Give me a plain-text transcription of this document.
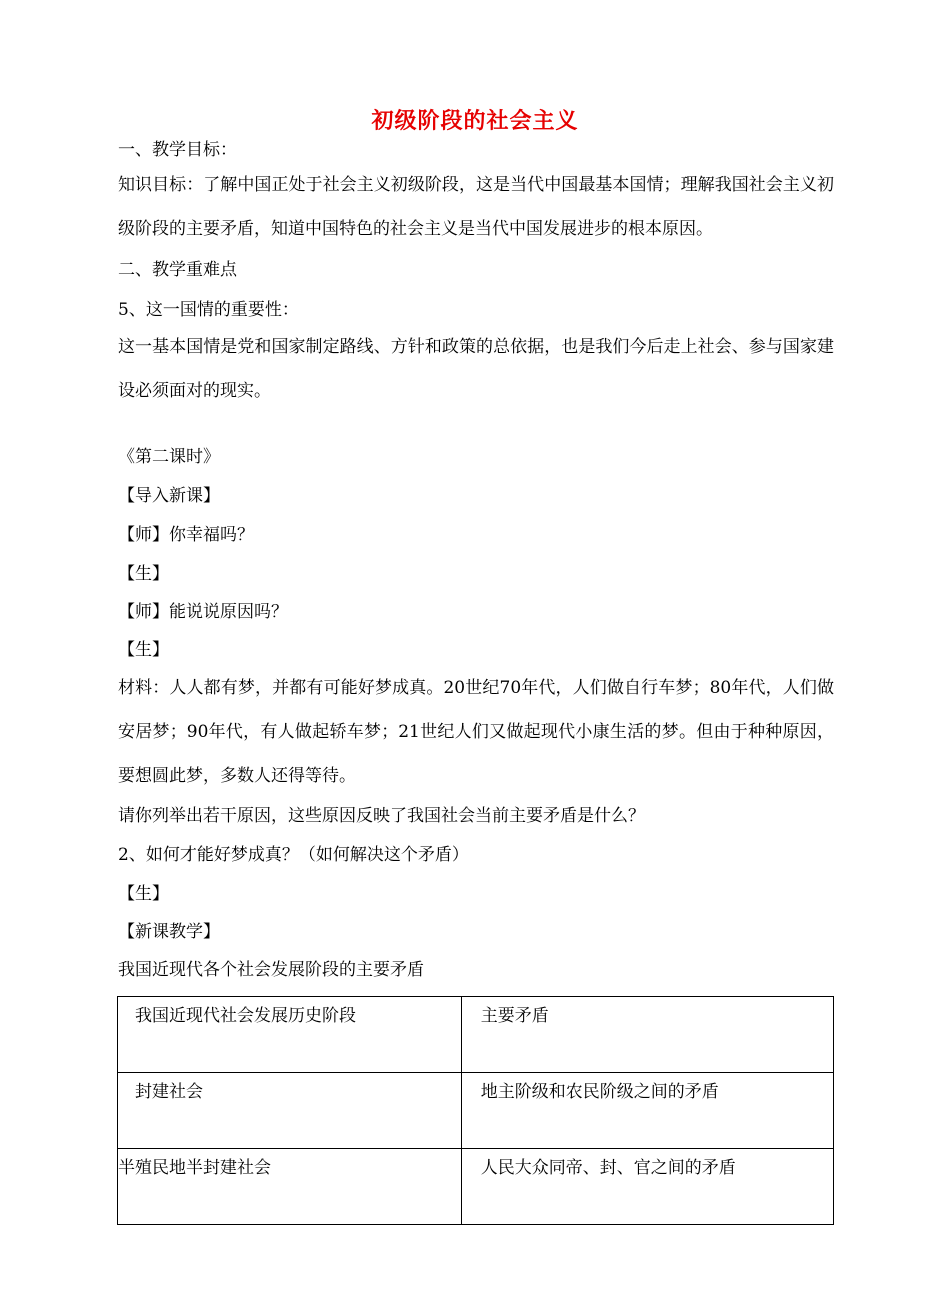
初级阶段的社会主义
一、教学目标：
知识目标：了解中国正处于社会主义初级阶段，这是当代中国最基本国情；理解我国社会主义初级阶段的主要矛盾，知道中国特色的社会主义是当代中国发展进步的根本原因。
二、教学重难点
5、这一国情的重要性：
这一基本国情是党和国家制定路线、方针和政策的总依据，也是我们今后走上社会、参与国家建设必须面对的现实。
《第二课时》
【导入新课】
【师】你幸福吗？
【生】
【师】能说说原因吗？
【生】
材料：人人都有梦，并都有可能好梦成真。20世纪70年代，人们做自行车梦；80年代，人们做安居梦；90年代，有人做起轿车梦；21世纪人们又做起现代小康生活的梦。但由于种种原因，要想圆此梦，多数人还得等待。
请你列举出若干原因，这些原因反映了我国社会当前主要矛盾是什么？
2、如何才能好梦成真？（如何解决这个矛盾）
【生】
【新课教学】
我国近现代各个社会发展阶段的主要矛盾
我国近现代社会发展历史阶段	主要矛盾
封建社会	地主阶级和农民阶级之间的矛盾
半殖民地半封建社会	人民大众同帝、封、官之间的矛盾
